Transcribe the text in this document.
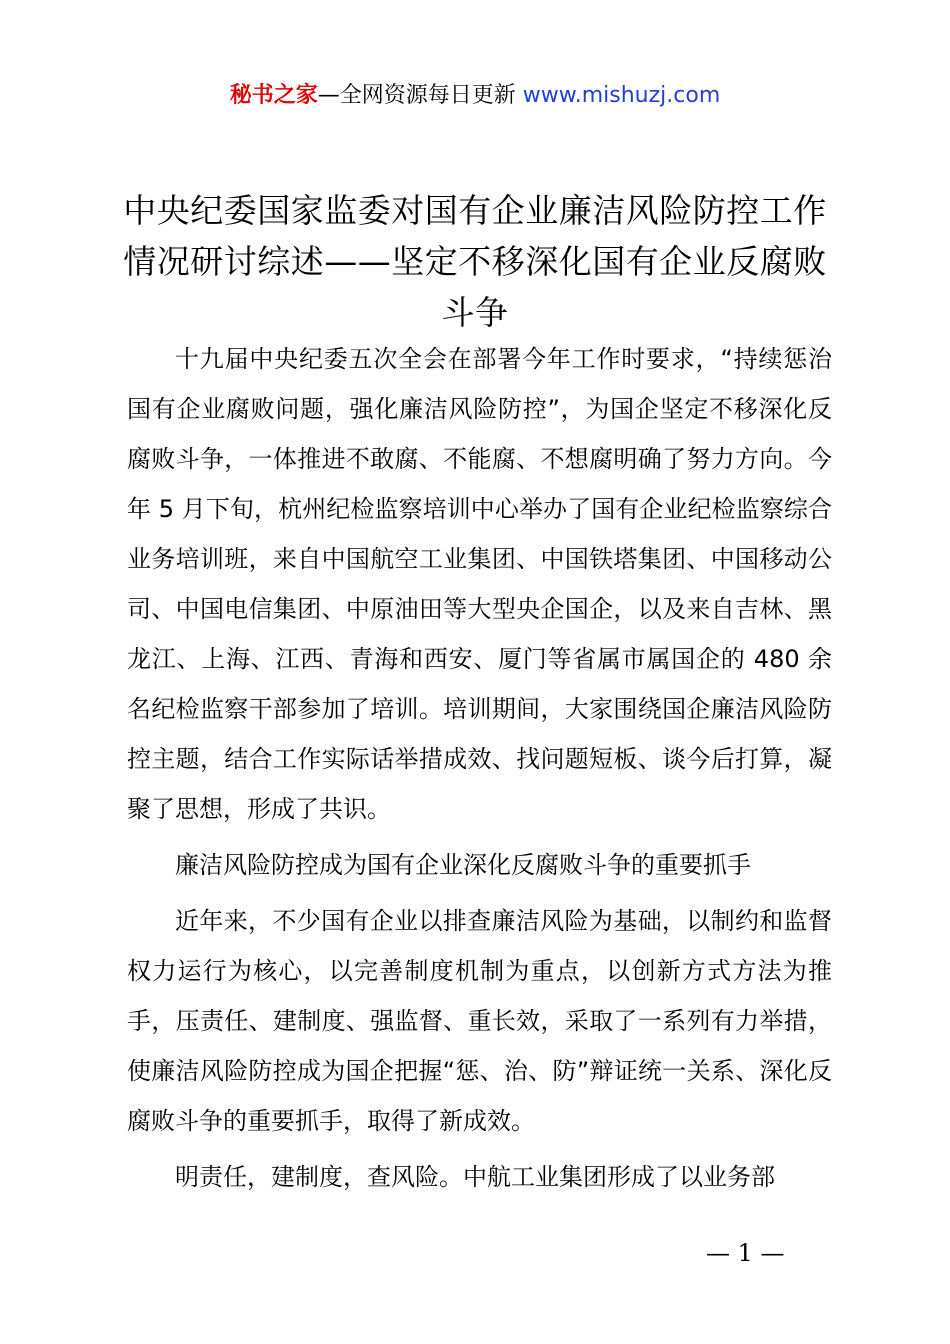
秘书之家—全网资源每日更新 www.mishuzj.com
中央纪委国家监委对国有企业廉洁风险防控工作情况研讨综述——坚定不移深化国有企业反腐败斗争

十九届中央纪委五次全会在部署今年工作时要求，“持续惩治国有企业腐败问题，强化廉洁风险防控”，为国企坚定不移深化反腐败斗争，一体推进不敢腐、不能腐、不想腐明确了努力方向。今年 5 月下旬，杭州纪检监察培训中心举办了国有企业纪检监察综合业务培训班，来自中国航空工业集团、中国铁塔集团、中国移动公司、中国电信集团、中原油田等大型央企国企，以及来自吉林、黑龙江、上海、江西、青海和西安、厦门等省属市属国企的 480 余名纪检监察干部参加了培训。培训期间，大家围绕国企廉洁风险防控主题，结合工作实际话举措成效、找问题短板、谈今后打算，凝聚了思想，形成了共识。

廉洁风险防控成为国有企业深化反腐败斗争的重要抓手

近年来，不少国有企业以排查廉洁风险为基础，以制约和监督权力运行为核心，以完善制度机制为重点，以创新方式方法为推手，压责任、建制度、强监督、重长效，采取了一系列有力举措，使廉洁风险防控成为国企把握“惩、治、防”辩证统一关系、深化反腐败斗争的重要抓手，取得了新成效。

明责任，建制度，查风险。中航工业集团形成了以业务部

— 1 —
